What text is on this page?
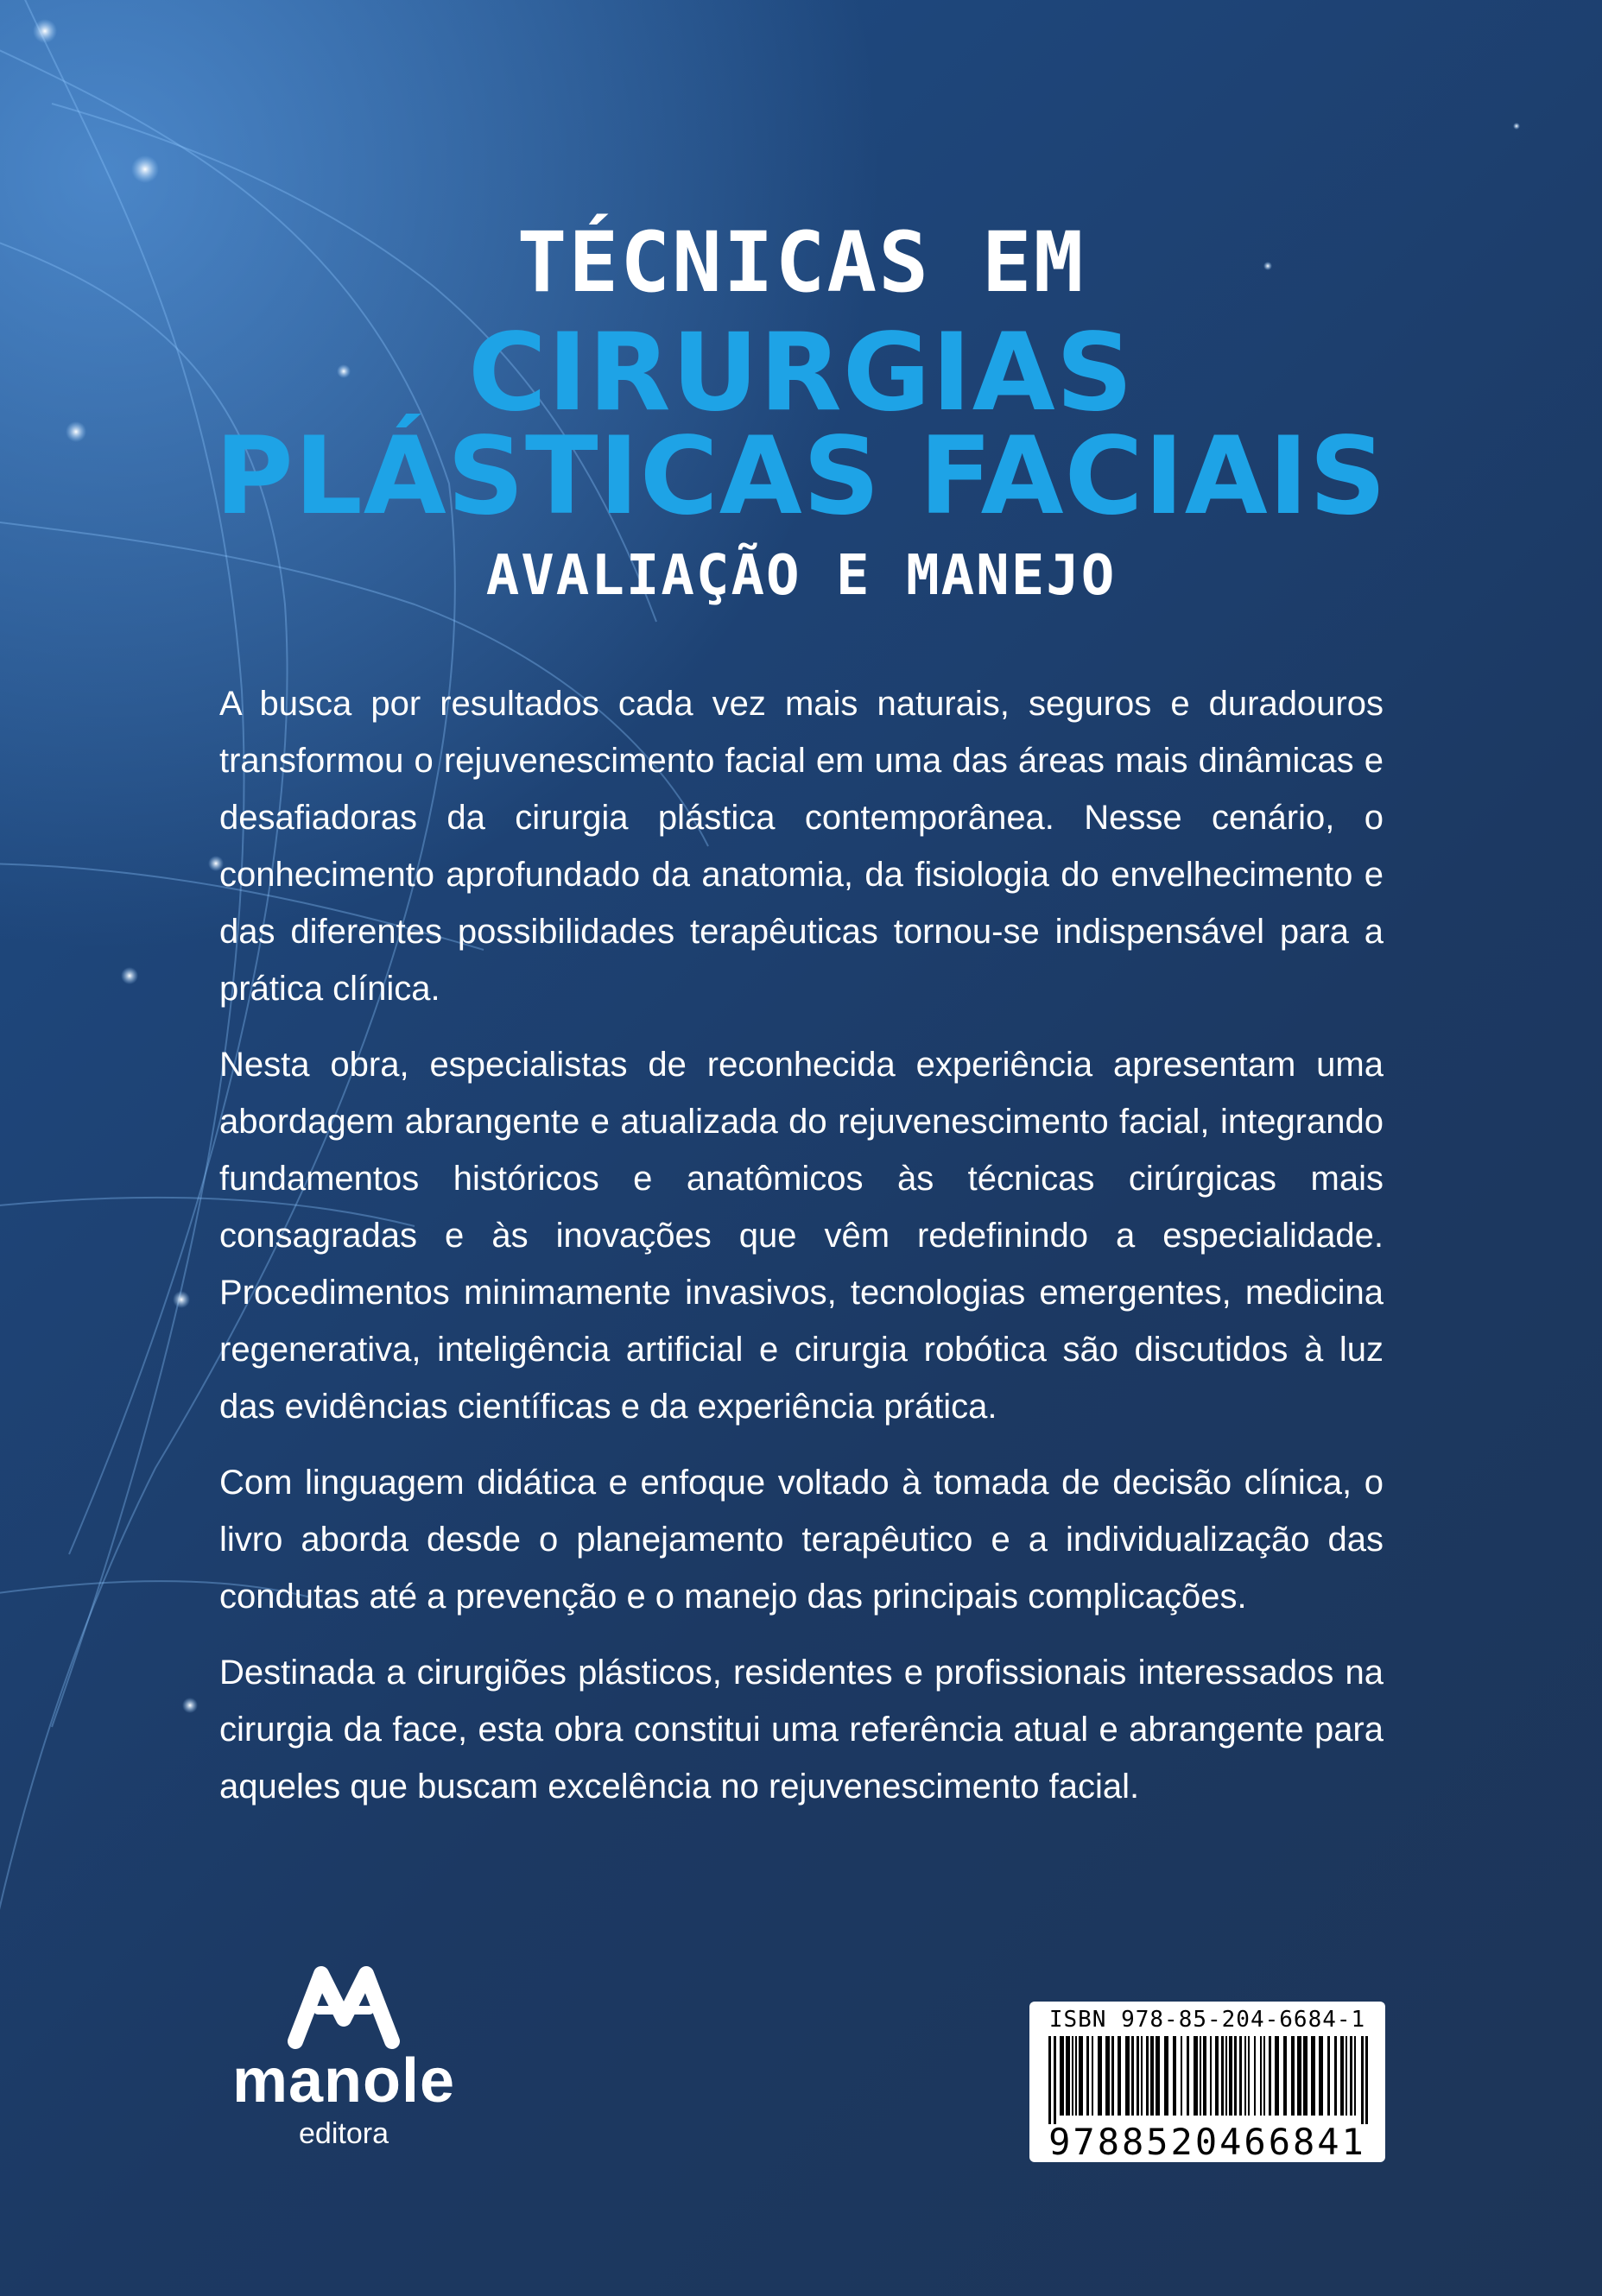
TÉCNICAS EM
CIRURGIAS
PLÁSTICAS FACIAIS
AVALIAÇÃO E MANEJO

A busca por resultados cada vez mais naturais, seguros e duradouros transformou o rejuvenescimento facial em uma das áreas mais dinâmicas e desafiadoras da cirurgia plástica contemporânea. Nesse cenário, o conhecimento aprofundado da anatomia, da fisiologia do envelhecimento e das diferentes possibilidades terapêuticas tornou-se indispensável para a prática clínica.

Nesta obra, especialistas de reconhecida experiência apresentam uma abordagem abrangente e atualizada do rejuvenescimento facial, integrando fundamentos históricos e anatômicos às técnicas cirúrgicas mais consagradas e às inovações que vêm redefinindo a especialidade. Procedimentos minimamente invasivos, tecnologias emergentes, medicina regenerativa, inteligência artificial e cirurgia robótica são discutidos à luz das evidências científicas e da experiência prática.

Com linguagem didática e enfoque voltado à tomada de decisão clínica, o livro aborda desde o planejamento terapêutico e a individualização das condutas até a prevenção e o manejo das principais complicações.

Destinada a cirurgiões plásticos, residentes e profissionais interessados na cirurgia da face, esta obra constitui uma referência atual e abrangente para aqueles que buscam excelência no rejuvenescimento facial.

manole
editora
ISBN 978-85-204-6684-1
9788520466841
